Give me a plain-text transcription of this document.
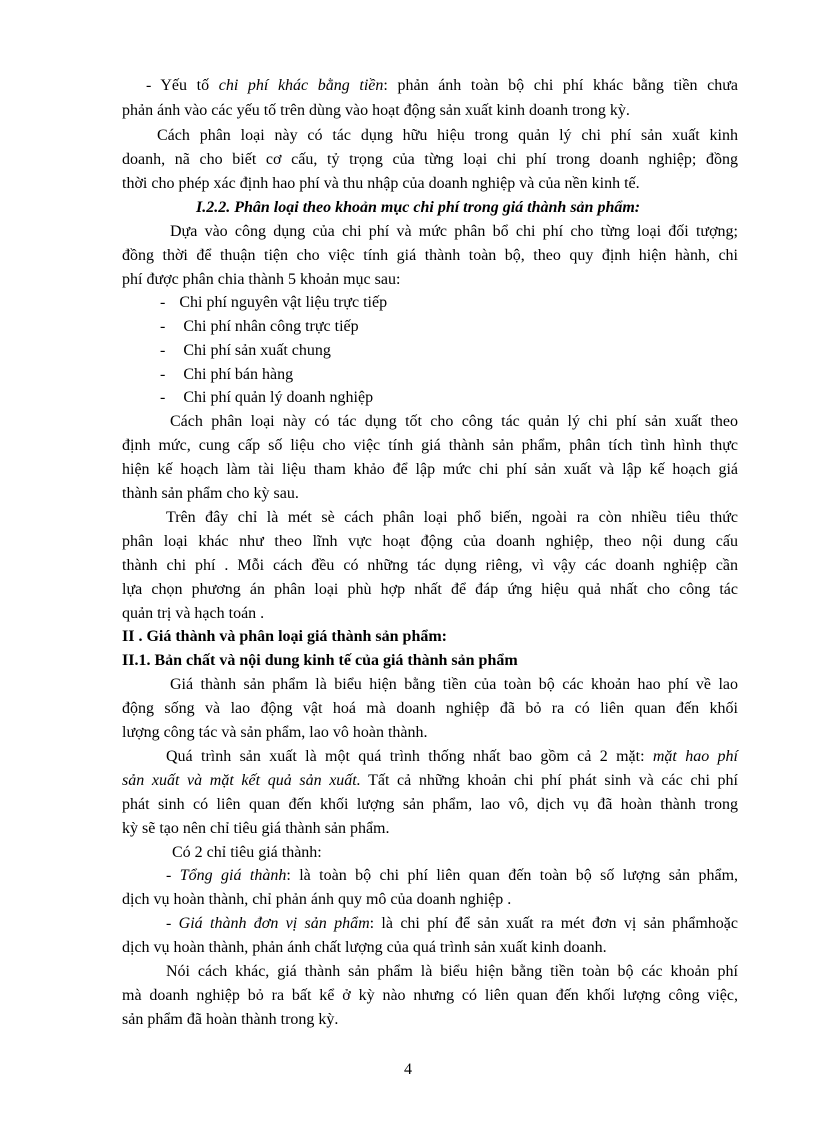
- Yếu tố chi phí khác bằng tiền: phản ánh toàn bộ chi phí khác bằng tiền chưa
phản ánh vào các yếu tố trên dùng vào hoạt động sản xuất kinh doanh trong kỳ.
Cách phân loại này có tác dụng hữu hiệu trong quản lý chi phí sản xuất kinh
doanh, nã cho biết cơ cấu, tỷ trọng của từng loại chi phí trong doanh nghiệp; đồng
thời cho phép xác định hao phí và thu nhập của doanh nghiệp và của nền kinh tế.
I.2.2. Phân loại theo khoản mục chi phí trong giá thành sản phẩm:
Dựa vào công dụng của chi phí và mức phân bổ chi phí cho từng loại đối tượng;
đồng thời để thuận tiện cho việc tính giá thành toàn bộ, theo quy định hiện hành, chi
phí được phân chia thành 5 khoản mục sau:
- Chi phí nguyên vật liệu trực tiếp
- Chi phí nhân công trực tiếp
- Chi phí sản xuất chung
- Chi phí bán hàng
- Chi phí quản lý doanh nghiệp
Cách phân loại này có tác dụng tốt cho công tác quản lý chi phí sản xuất theo
định mức, cung cấp số liệu cho việc tính giá thành sản phẩm, phân tích tình hình thực
hiện kế hoạch làm tài liệu tham khảo để lập mức chi phí sản xuất và lập kế hoạch giá
thành sản phẩm cho kỳ sau.
Trên đây chỉ là mét sè cách phân loại phổ biến, ngoài ra còn nhiều tiêu thức
phân loại khác như theo lĩnh vực hoạt động của doanh nghiệp, theo nội dung cấu
thành chi phí . Mỗi cách đều có những tác dụng riêng, vì vậy các doanh nghiệp cần
lựa chọn phương án phân loại phù hợp nhất để đáp ứng hiệu quả nhất cho công tác
quản trị và hạch toán .
II . Giá thành và phân loại giá thành sản phẩm:
II.1. Bản chất và nội dung kinh tế của giá thành sản phẩm
Giá thành sản phẩm là biểu hiện bằng tiền của toàn bộ các khoản hao phí về lao
động sống và lao động vật hoá mà doanh nghiệp đã bỏ ra có liên quan đến khối
lượng công tác và sản phẩm, lao vô hoàn thành.
Quá trình sản xuất là một quá trình thống nhất bao gồm cả 2 mặt: mặt hao phí
sản xuất và mặt kết quả sản xuất. Tất cả những khoản chi phí phát sinh và các chi phí
phát sinh có liên quan đến khối lượng sản phẩm, lao vô, dịch vụ đã hoàn thành trong
kỳ sẽ tạo nên chỉ tiêu giá thành sản phẩm.
Có 2 chỉ tiêu giá thành:
- Tổng giá thành: là toàn bộ chi phí liên quan đến toàn bộ số lượng sản phẩm,
dịch vụ hoàn thành, chỉ phản ánh quy mô của doanh nghiệp .
- Giá thành đơn vị sản phẩm: là chi phí để sản xuất ra mét đơn vị sản phẩmhoặc
dịch vụ hoàn thành, phản ánh chất lượng của quá trình sản xuất kinh doanh.
Nói cách khác, giá thành sản phẩm là biểu hiện bằng tiền toàn bộ các khoản phí
mà doanh nghiệp bỏ ra bất kể ở kỳ nào nhưng có liên quan đến khối lượng công việc,
sản phẩm đã hoàn thành trong kỳ.
4
